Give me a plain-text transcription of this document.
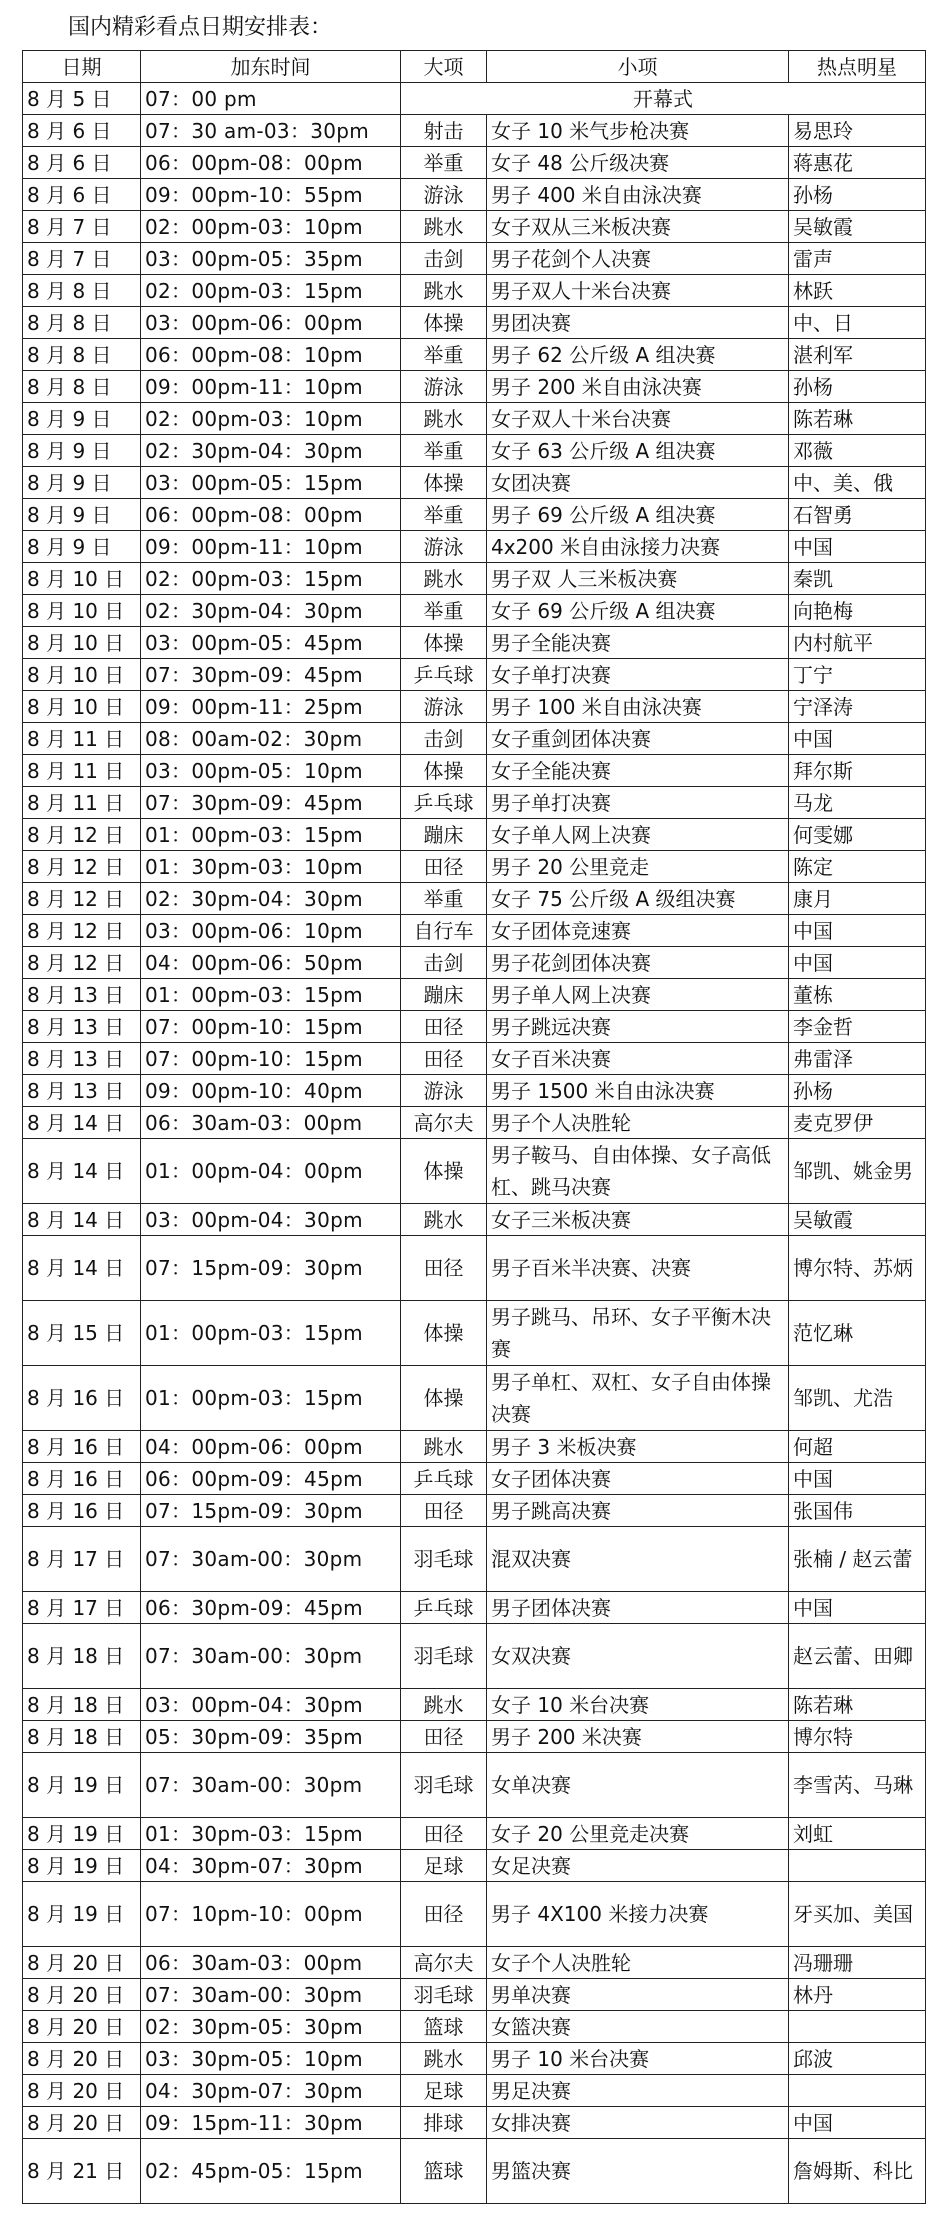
国内精彩看点日期安排表：
日期	加东时间	大项	小项	热点明星
8 月 5 日	07：00 pm	开幕式		
8 月 6 日	07：30 am-03：30pm	射击	女子 10 米气步枪决赛	易思玲
8 月 6 日	06：00pm-08：00pm	举重	女子 48 公斤级决赛	蒋惠花
8 月 6 日	09：00pm-10：55pm	游泳	男子 400 米自由泳决赛	孙杨
8 月 7 日	02：00pm-03：10pm	跳水	女子双从三米板决赛	吴敏霞
8 月 7 日	03：00pm-05：35pm	击剑	男子花剑个人决赛	雷声
8 月 8 日	02：00pm-03：15pm	跳水	男子双人十米台决赛	林跃
8 月 8 日	03：00pm-06：00pm	体操	男团决赛	中、日
8 月 8 日	06：00pm-08：10pm	举重	男子 62 公斤级 A 组决赛	湛利军
8 月 8 日	09：00pm-11：10pm	游泳	男子 200 米自由泳决赛	孙杨
8 月 9 日	02：00pm-03：10pm	跳水	女子双人十米台决赛	陈若琳
8 月 9 日	02：30pm-04：30pm	举重	女子 63 公斤级 A 组决赛	邓薇
8 月 9 日	03：00pm-05：15pm	体操	女团决赛	中、美、俄
8 月 9 日	06：00pm-08：00pm	举重	男子 69 公斤级 A 组决赛	石智勇
8 月 9 日	09：00pm-11：10pm	游泳	4x200 米自由泳接力决赛	中国
8 月 10 日	02：00pm-03：15pm	跳水	男子双 人三米板决赛	秦凯
8 月 10 日	02：30pm-04：30pm	举重	女子 69 公斤级 A 组决赛	向艳梅
8 月 10 日	03：00pm-05：45pm	体操	男子全能决赛	内村航平
8 月 10 日	07：30pm-09：45pm	乒乓球	女子单打决赛	丁宁
8 月 10 日	09：00pm-11：25pm	游泳	男子 100 米自由泳决赛	宁泽涛
8 月 11 日	08：00am-02：30pm	击剑	女子重剑团体决赛	中国
8 月 11 日	03：00pm-05：10pm	体操	女子全能决赛	拜尔斯
8 月 11 日	07：30pm-09：45pm	乒乓球	男子单打决赛	马龙
8 月 12 日	01：00pm-03：15pm	蹦床	女子单人网上决赛	何雯娜
8 月 12 日	01：30pm-03：10pm	田径	男子 20 公里竞走	陈定
8 月 12 日	02：30pm-04：30pm	举重	女子 75 公斤级 A 级组决赛	康月
8 月 12 日	03：00pm-06：10pm	自行车	女子团体竞速赛	中国
8 月 12 日	04：00pm-06：50pm	击剑	男子花剑团体决赛	中国
8 月 13 日	01：00pm-03：15pm	蹦床	男子单人网上决赛	董栋
8 月 13 日	07：00pm-10：15pm	田径	男子跳远决赛	李金哲
8 月 13 日	07：00pm-10：15pm	田径	女子百米决赛	弗雷泽
8 月 13 日	09：00pm-10：40pm	游泳	男子 1500 米自由泳决赛	孙杨
8 月 14 日	06：30am-03：00pm	高尔夫	男子个人决胜轮	麦克罗伊
8 月 14 日	01：00pm-04：00pm	体操	男子鞍马、自由体操、女子高低杠、跳马决赛	邹凯、姚金男
8 月 14 日	03：00pm-04：30pm	跳水	女子三米板决赛	吴敏霞
8 月 14 日	07：15pm-09：30pm	田径	男子百米半决赛、决赛	博尔特、苏炳
8 月 15 日	01：00pm-03：15pm	体操	男子跳马、吊环、女子平衡木决赛	范忆琳
8 月 16 日	01：00pm-03：15pm	体操	男子单杠、双杠、女子自由体操决赛	邹凯、尤浩
8 月 16 日	04：00pm-06：00pm	跳水	男子 3 米板决赛	何超
8 月 16 日	06：00pm-09：45pm	乒乓球	女子团体决赛	中国
8 月 16 日	07：15pm-09：30pm	田径	男子跳高决赛	张国伟
8 月 17 日	07：30am-00：30pm	羽毛球	混双决赛	张楠 / 赵云蕾
8 月 17 日	06：30pm-09：45pm	乒乓球	男子团体决赛	中国
8 月 18 日	07：30am-00：30pm	羽毛球	女双决赛	赵云蕾、田卿
8 月 18 日	03：00pm-04：30pm	跳水	女子 10 米台决赛	陈若琳
8 月 18 日	05：30pm-09：35pm	田径	男子 200 米决赛	博尔特
8 月 19 日	07：30am-00：30pm	羽毛球	女单决赛	李雪芮、马琳
8 月 19 日	01：30pm-03：15pm	田径	女子 20 公里竞走决赛	刘虹
8 月 19 日	04：30pm-07：30pm	足球	女足决赛	
8 月 19 日	07：10pm-10：00pm	田径	男子 4X100 米接力决赛	牙买加、美国
8 月 20 日	06：30am-03：00pm	高尔夫	女子个人决胜轮	冯珊珊
8 月 20 日	07：30am-00：30pm	羽毛球	男单决赛	林丹
8 月 20 日	02：30pm-05：30pm	篮球	女篮决赛	
8 月 20 日	03：30pm-05：10pm	跳水	男子 10 米台决赛	邱波
8 月 20 日	04：30pm-07：30pm	足球	男足决赛	
8 月 20 日	09：15pm-11：30pm	排球	女排决赛	中国
8 月 21 日	02：45pm-05：15pm	篮球	男篮决赛	詹姆斯、科比
